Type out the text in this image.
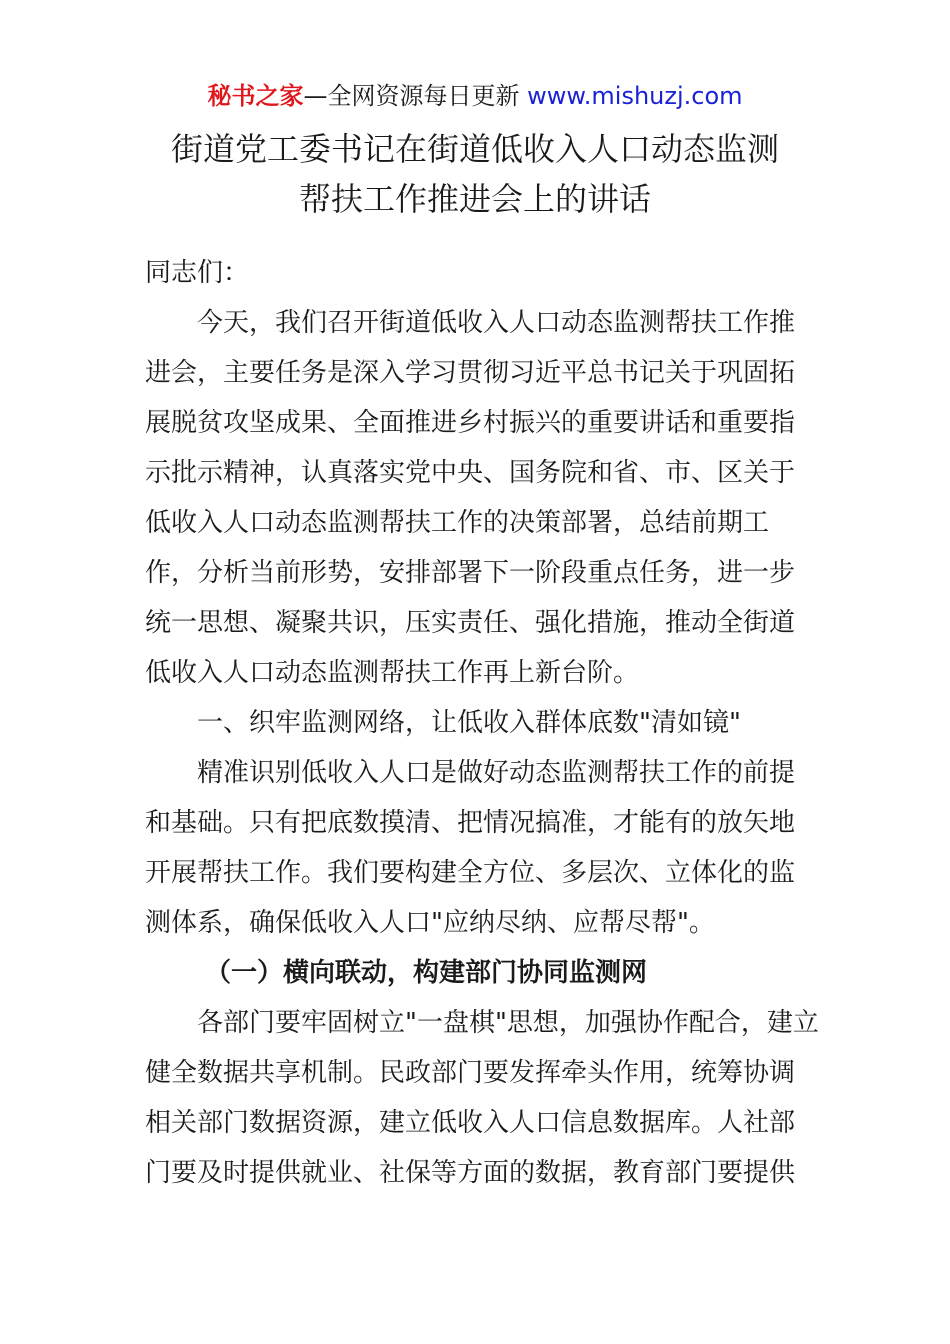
秘书之家—全网资源每日更新 www.mishuzj.com
街道党工委书记在街道低收入人口动态监测
帮扶工作推进会上的讲话
同志们：
今天，我们召开街道低收入人口动态监测帮扶工作推
进会，主要任务是深入学习贯彻习近平总书记关于巩固拓
展脱贫攻坚成果、全面推进乡村振兴的重要讲话和重要指
示批示精神，认真落实党中央、国务院和省、市、区关于
低收入人口动态监测帮扶工作的决策部署，总结前期工
作，分析当前形势，安排部署下一阶段重点任务，进一步
统一思想、凝聚共识，压实责任、强化措施，推动全街道
低收入人口动态监测帮扶工作再上新台阶。
一、织牢监测网络，让低收入群体底数"清如镜"
精准识别低收入人口是做好动态监测帮扶工作的前提
和基础。只有把底数摸清、把情况搞准，才能有的放矢地
开展帮扶工作。我们要构建全方位、多层次、立体化的监
测体系，确保低收入人口"应纳尽纳、应帮尽帮"。
（一）横向联动，构建部门协同监测网
各部门要牢固树立"一盘棋"思想，加强协作配合，建立
健全数据共享机制。民政部门要发挥牵头作用，统筹协调
相关部门数据资源，建立低收入人口信息数据库。人社部
门要及时提供就业、社保等方面的数据，教育部门要提供
